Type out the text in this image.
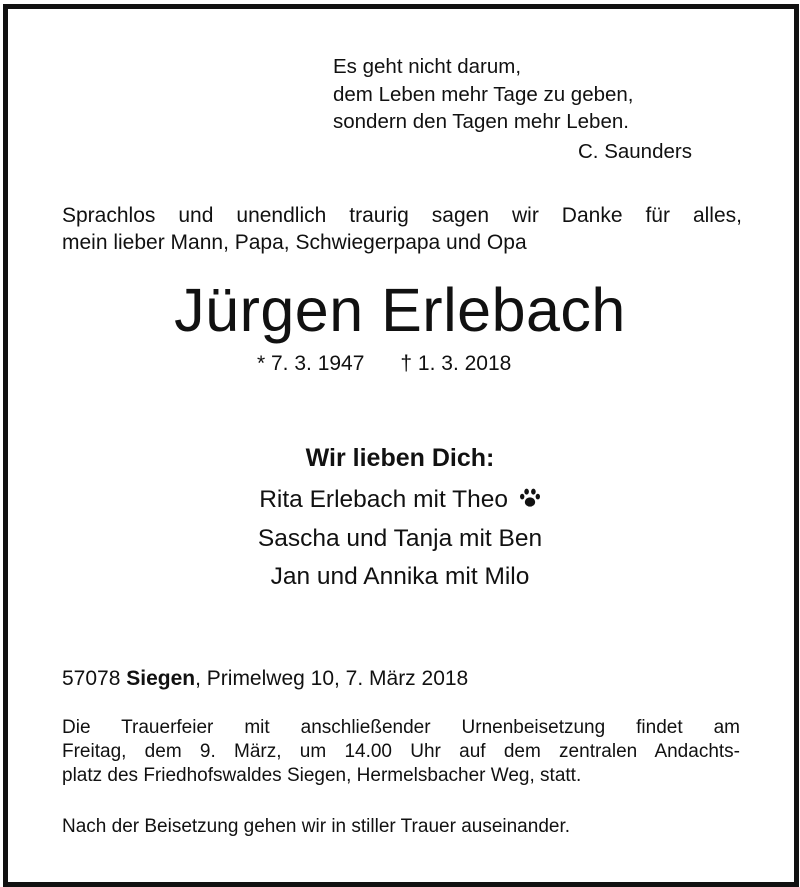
Es geht nicht darum,
dem Leben mehr Tage zu geben,
sondern den Tagen mehr Leben.
C. Saunders
Sprachlos und unendlich traurig sagen wir Danke für alles,
mein lieber Mann, Papa, Schwiegerpapa und Opa
Jürgen Erlebach
* 7. 3. 1947 † 1. 3. 2018
Wir lieben Dich:
Rita Erlebach mit Theo
Sascha und Tanja mit Ben
Jan und Annika mit Milo
57078 Siegen, Primelweg 10, 7. März 2018
Die Trauerfeier mit anschließender Urnenbeisetzung findet am
Freitag, dem 9. März, um 14.00 Uhr auf dem zentralen Andachts-
platz des Friedhofswaldes Siegen, Hermelsbacher Weg, statt.
Nach der Beisetzung gehen wir in stiller Trauer auseinander.
